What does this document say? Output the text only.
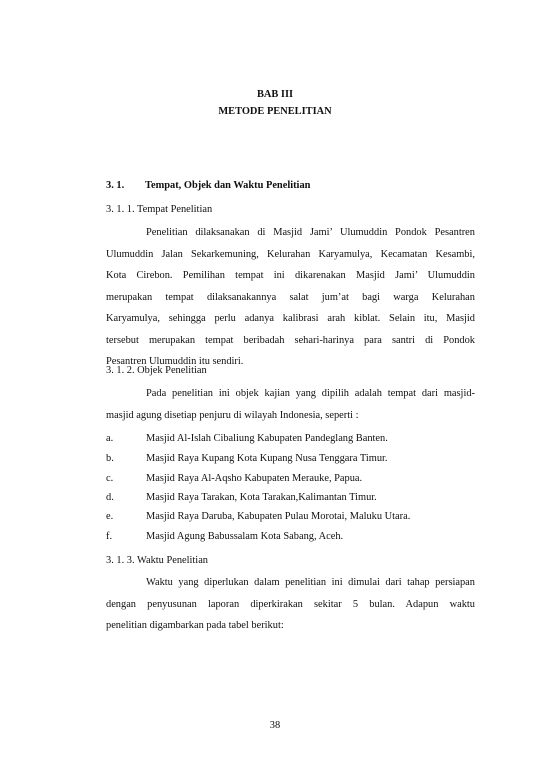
BAB III
METODE PENELITIAN
3. 1. Tempat, Objek dan Waktu Penelitian
3. 1. 1. Tempat Penelitian

Penelitian dilaksanakan di Masjid Jami’ Ulumuddin Pondok Pesantren

Ulumuddin Jalan Sekarkemuning, Kelurahan Karyamulya, Kecamatan Kesambi,

Kota Cirebon. Pemilihan tempat ini dikarenakan Masjid Jami’ Ulumuddin

merupakan tempat dilaksanakannya salat jum’at bagi warga Kelurahan

Karyamulya, sehingga perlu adanya kalibrasi arah kiblat. Selain itu, Masjid

tersebut merupakan tempat beribadah sehari-harinya para santri di Pondok

Pesantren Ulumuddin itu sendiri.

3. 1. 2. Objek Penelitian

Pada penelitian ini objek kajian yang dipilih adalah tempat dari masjid-

masjid agung disetiap penjuru di wilayah Indonesia, seperti :

a.	Masjid Al-Islah Cibaliung Kabupaten Pandeglang Banten.
b.	Masjid Raya Kupang Kota Kupang Nusa Tenggara Timur.
c.	Masjid Raya Al-Aqsho Kabupaten Merauke, Papua.
d.	Masjid Raya Tarakan, Kota Tarakan,Kalimantan Timur.
e.	Masjid Raya Daruba, Kabupaten Pulau Morotai, Maluku Utara.
f.	Masjid Agung Babussalam Kota Sabang, Aceh.
3. 1. 3. Waktu Penelitian

Waktu yang diperlukan dalam penelitian ini dimulai dari tahap persiapan

dengan penyusunan laporan diperkirakan sekitar 5 bulan. Adapun waktu

penelitian digambarkan pada tabel berikut:

38
